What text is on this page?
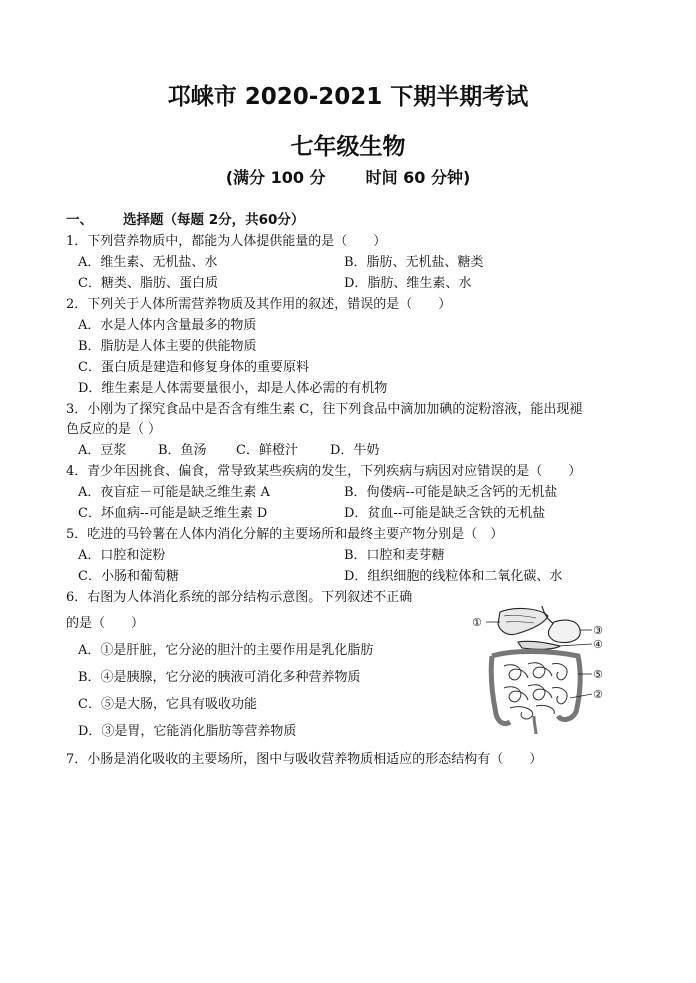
邛崃市 2020-2021 下期半期考试
七年级生物
(满分 100 分	时间 60 分钟)
一、 选择题（每题 2分，共60分）
1．下列营养物质中，都能为人体提供能量的是（　　）
A．维生素、无机盐、水	B．脂肪、无机盐、糖类
C．糖类、脂肪、蛋白质	D．脂肪、维生素、水
2．下列关于人体所需营养物质及其作用的叙述，错误的是（　　）
A．水是人体内含量最多的物质
B．脂肪是人体主要的供能物质
C．蛋白质是建造和修复身体的重要原料
D．维生素是人体需要量很小，却是人体必需的有机物
3．小刚为了探究食品中是否含有维生素 C，往下列食品中滴加加碘的淀粉溶液，能出现褪
色反应的是（ ）
A．豆浆 B．鱼汤 C．鲜橙汁 D．牛奶
4．青少年因挑食、偏食，常导致某些疾病的发生，下列疾病与病因对应错误的是（　　）
A．夜盲症－可能是缺乏维生素 A	B．佝偻病--可能是缺乏含钙的无机盐
C．坏血病--可能是缺乏维生素 D	D．贫血--可能是缺乏含铁的无机盐
5．吃进的马铃薯在人体内消化分解的主要场所和最终主要产物分别是（　）
A．口腔和淀粉	B．口腔和麦芽糖
C．小肠和葡萄糖	D．组织细胞的线粒体和二氧化碳、水
6．右图为人体消化系统的部分结构示意图。下列叙述不正确
的是（　　）
A．①是肝脏，它分泌的胆汁的主要作用是乳化脂肪
B．④是胰腺，它分泌的胰液可消化多种营养物质
C．⑤是大肠，它具有吸收功能
D．③是胃，它能消化脂肪等营养物质
7．小肠是消化吸收的主要场所，图中与吸收营养物质相适应的形态结构有（　　）
①
②
③
④
⑤
